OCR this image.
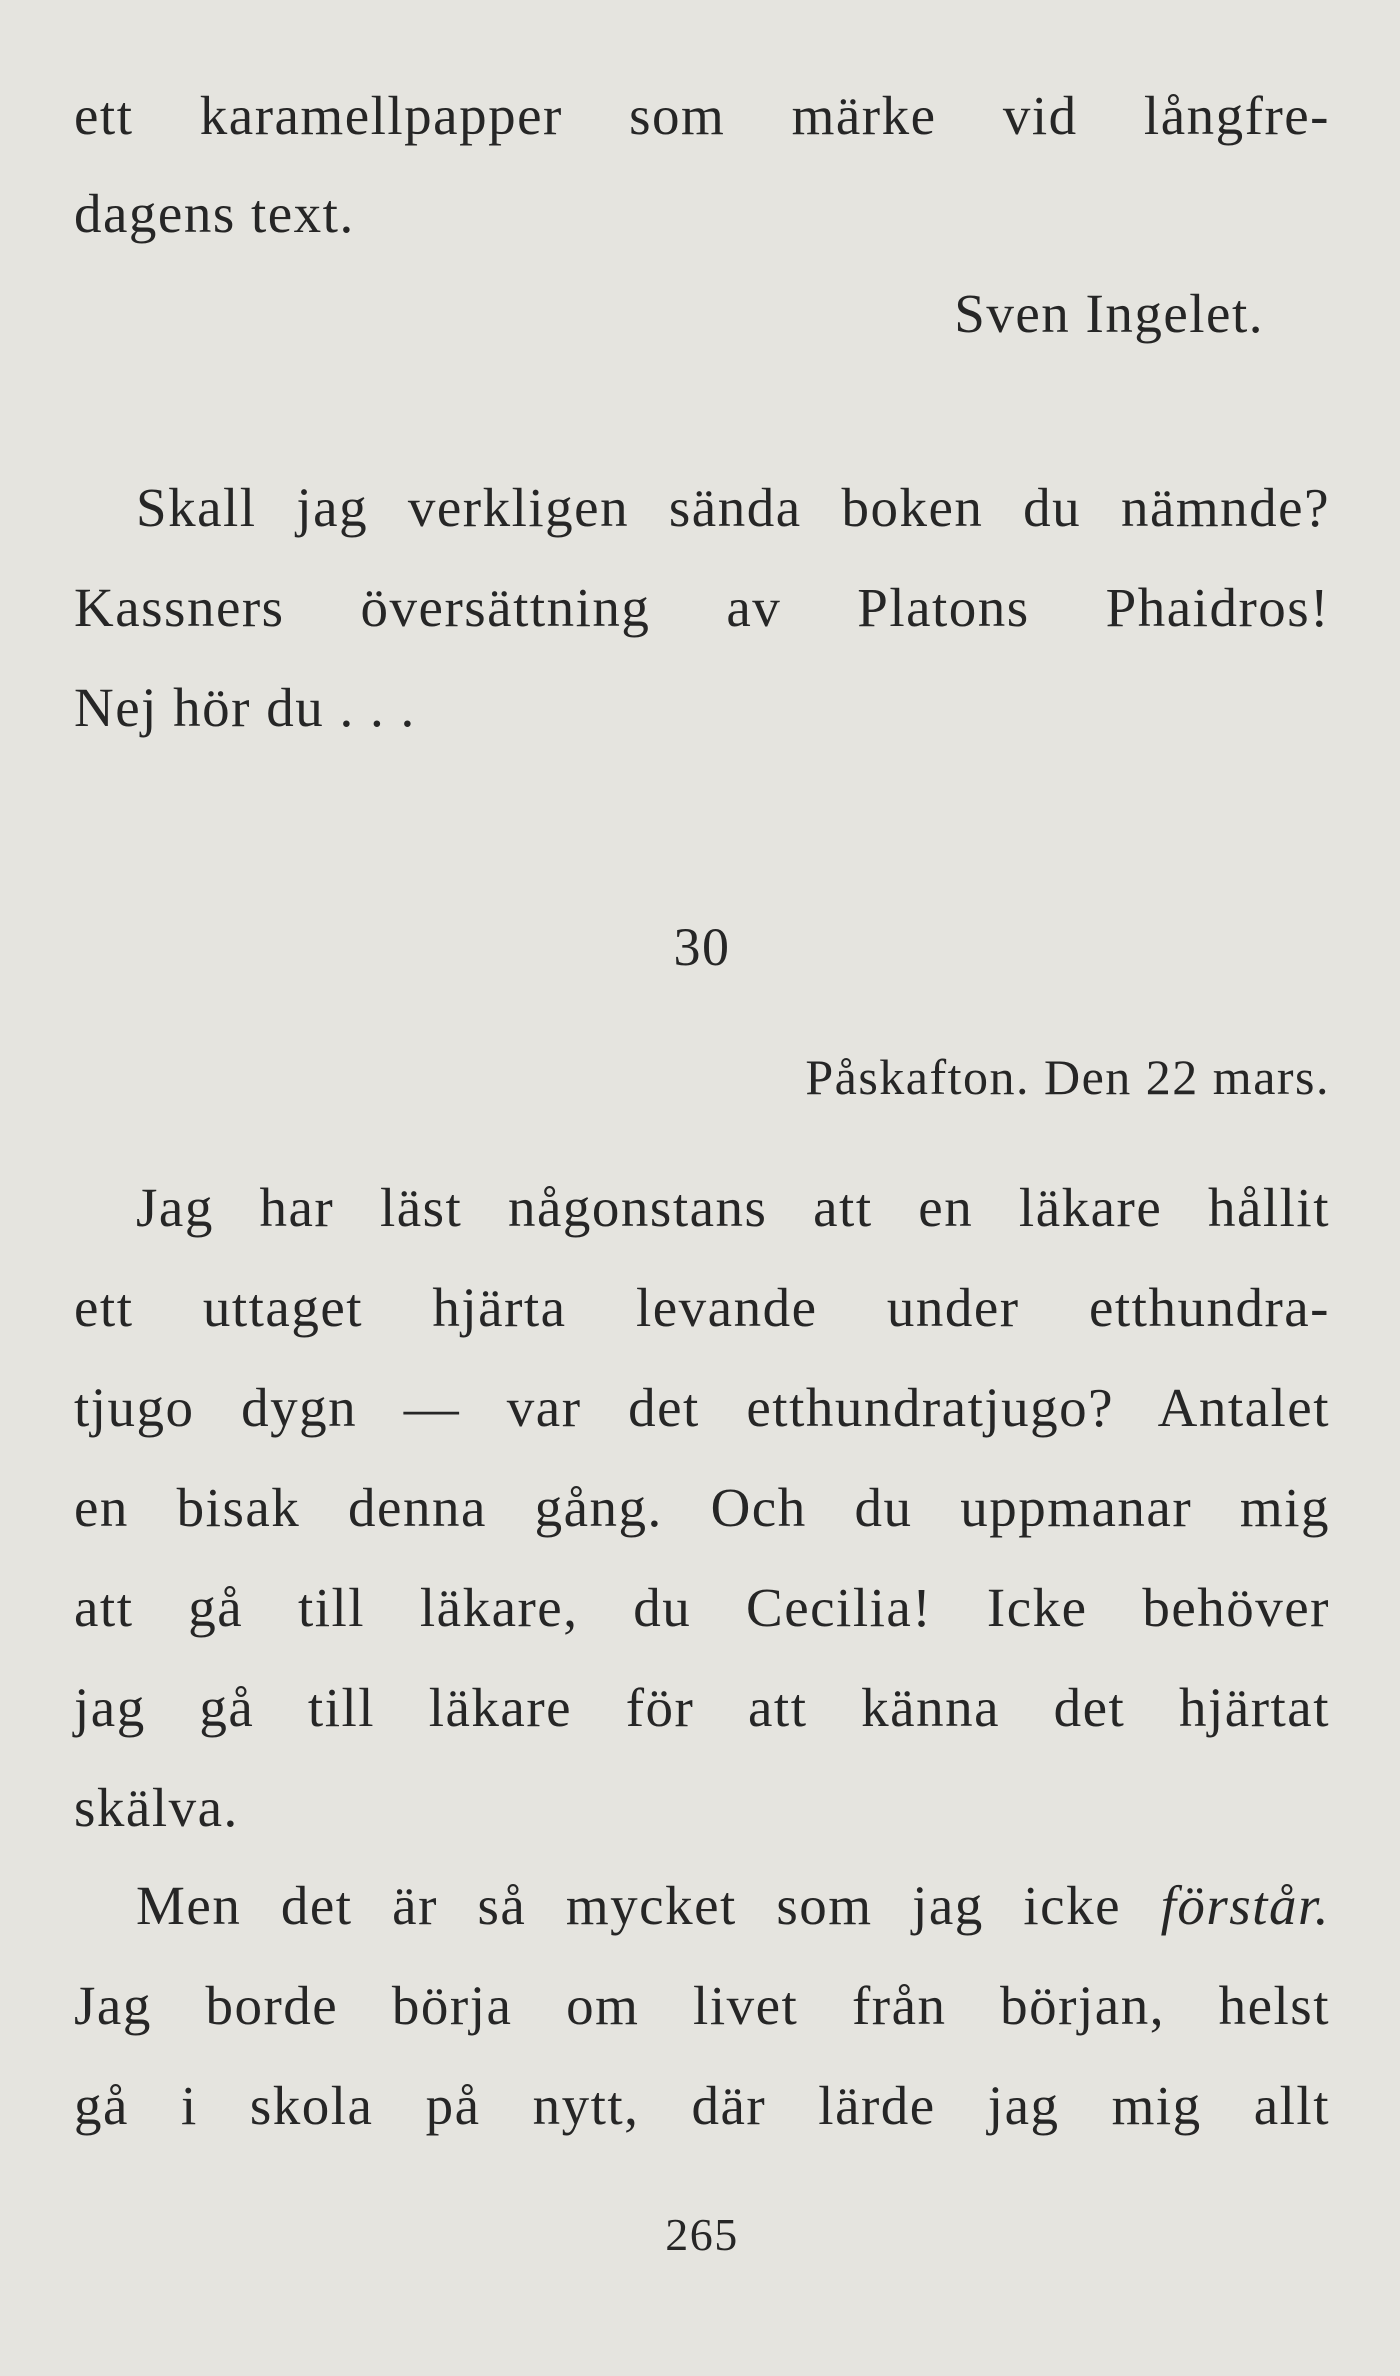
ett karamellpapper som märke vid långfre-
dagens text.
Sven Ingelet.
Skall jag verkligen sända boken du nämnde?
Kassners översättning av Platons Phaidros!
Nej hör du . . .
30
Påskafton. Den 22 mars.
Jag har läst någonstans att en läkare hållit
ett uttaget hjärta levande under etthundra-
tjugo dygn — var det etthundratjugo? Antalet
en bisak denna gång. Och du uppmanar mig
att gå till läkare, du Cecilia! Icke behöver
jag gå till läkare för att känna det hjärtat
skälva.
Men det är så mycket som jag icke förstår.
Jag borde börja om livet från början, helst
gå i skola på nytt, där lärde jag mig allt
265
